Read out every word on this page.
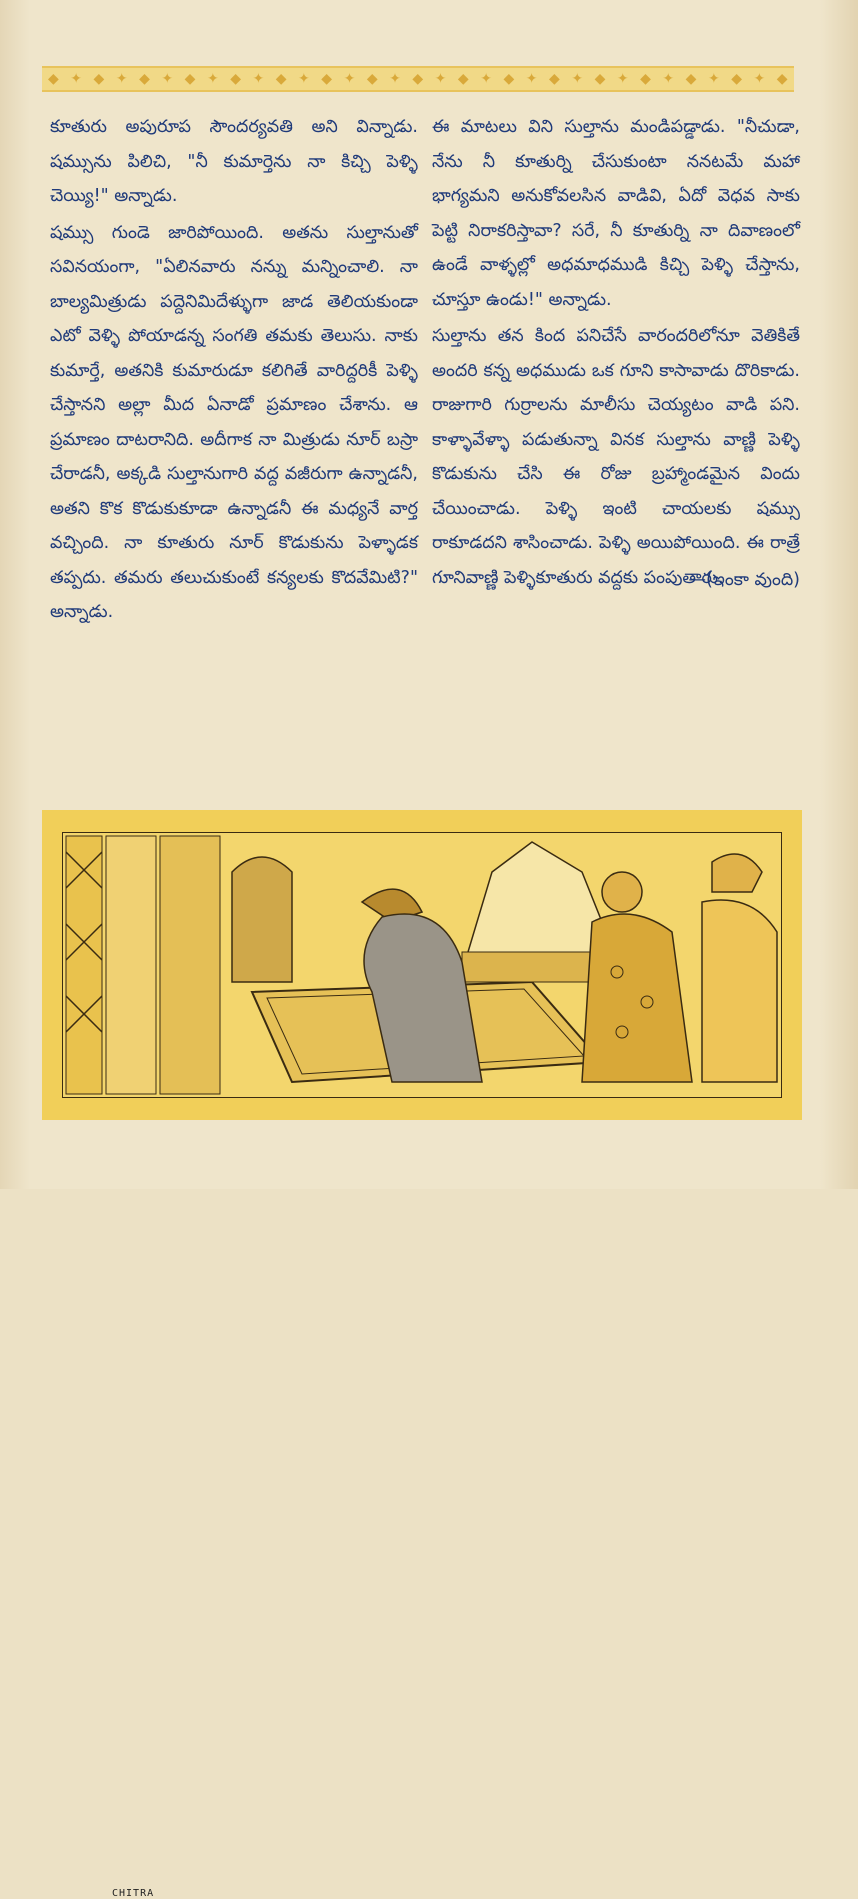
◆ ✦ ◆ ✦ ◆ ✦ ◆ ✦ ◆ ✦ ◆ ✦ ◆ ✦ ◆ ✦ ◆ ✦ ◆ ✦ ◆ ✦ ◆ ✦ ◆ ✦ ◆ ✦ ◆ ✦ ◆ ✦ ◆

కూతురు అపురూప సౌందర్యవతి అని విన్నాడు. షమ్సును పిలిచి, "నీ కుమార్తెను నా కిచ్చి పెళ్ళి చెయ్యి!" అన్నాడు.

షమ్సు గుండె జారిపోయింది. అతను సుల్తానుతో సవినయంగా, "ఏలినవారు నన్ను మన్నించాలి. నా బాల్యమిత్రుడు పద్దెనిమిదేళ్ళుగా జాడ తెలియకుండా ఎటో వెళ్ళి పోయాడన్న సంగతి తమకు తెలుసు. నాకు కుమార్తే, అతనికి కుమారుడూ కలిగితే వారిద్దరికీ పెళ్ళి చేస్తానని అల్లా మీద ఏనాడో ప్రమాణం చేశాను. ఆ ప్రమాణం దాటరానిది. అదీగాక నా మిత్రుడు నూర్ బస్రా చేరాడనీ, అక్కడి సుల్తానుగారి వద్ద వజీరుగా ఉన్నాడనీ, అతని కొక కొడుకుకూడా ఉన్నాడనీ ఈ మధ్యనే వార్త వచ్చింది. నా కూతురు నూర్ కొడుకును పెళ్ళాడక తప్పదు. తమరు తలుచుకుంటే కన్యలకు కొదవేమిటి?" అన్నాడు.

ఈ మాటలు విని సుల్తాను మండిపడ్డాడు. "నీచుడా, నేను నీ కూతుర్ని చేసుకుంటా ననటమే మహా భాగ్యమని అనుకోవలసిన వాడివి, ఏదో వెధవ సాకు పెట్టి నిరాకరిస్తావా? సరే, నీ కూతుర్ని నా దివాణంలో ఉండే వాళ్ళల్లో అధమాధముడి కిచ్చి పెళ్ళి చేస్తాను, చూస్తూ ఉండు!" అన్నాడు.

సుల్తాను తన కింద పనిచేసే వారందరిలోనూ వెతికితే అందరి కన్న అధముడు ఒక గూని కాసావాడు దొరికాడు. రాజుగారి గుర్రాలను మాలీసు చెయ్యటం వాడి పని. కాళ్ళావేళ్ళా పడుతున్నా వినక సుల్తాను వాణ్ణి పెళ్ళి కొడుకును చేసి ఈ రోజు బ్రహ్మాండమైన విందు చేయించాడు. పెళ్ళి ఇంటి చాయలకు షమ్సు రాకూడదని శాసించాడు. పెళ్ళి అయిపోయింది. ఈ రాత్రే గూనివాణ్ణి పెళ్ళికూతురు వద్దకు పంపుతారు.

—(ఇంకా వుంది)
CHITRA
